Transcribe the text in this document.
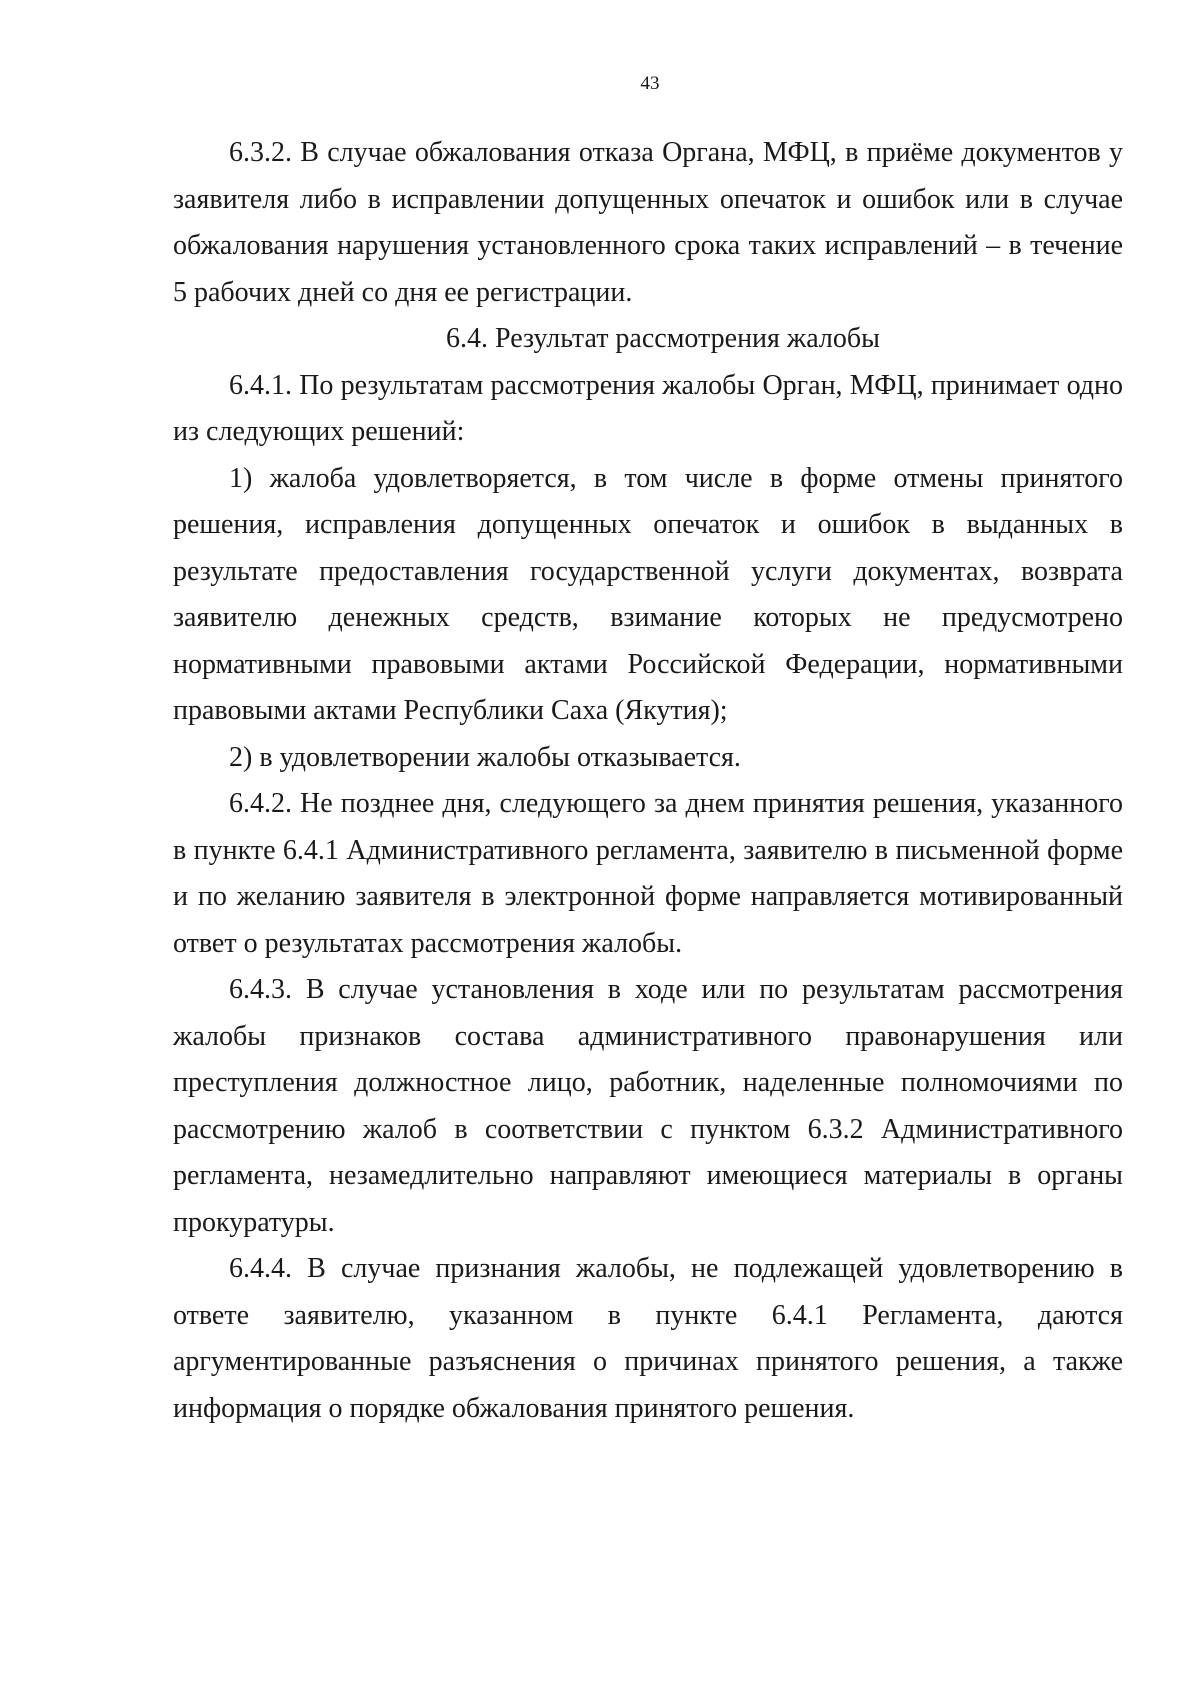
43

6.3.2. В случае обжалования отказа Органа, МФЦ, в приёме документов у заявителя либо в исправлении допущенных опечаток и ошибок или в случае обжалования нарушения установленного срока таких исправлений – в течение 5 рабочих дней со дня ее регистрации.

6.4. Результат рассмотрения жалобы

6.4.1. По результатам рассмотрения жалобы Орган, МФЦ, принимает одно из следующих решений:

1) жалоба удовлетворяется, в том числе в форме отмены принятого решения, исправления допущенных опечаток и ошибок в выданных в результате предоставления государственной услуги документах, возврата заявителю денежных средств, взимание которых не предусмотрено нормативными правовыми актами Российской Федерации, нормативными правовыми актами Республики Саха (Якутия);

2) в удовлетворении жалобы отказывается.

6.4.2. Не позднее дня, следующего за днем принятия решения, указанного в пункте 6.4.1 Административного регламента, заявителю в письменной форме и по желанию заявителя в электронной форме направляется мотивированный ответ о результатах рассмотрения жалобы.

6.4.3. В случае установления в ходе или по результатам рассмотрения жалобы признаков состава административного правонарушения или преступления должностное лицо, работник, наделенные полномочиями по рассмотрению жалоб в соответствии с пунктом 6.3.2 Административного регламента, незамедлительно направляют имеющиеся материалы в органы прокуратуры.

6.4.4. В случае признания жалобы, не подлежащей удовлетворению в ответе заявителю, указанном в пункте 6.4.1 Регламента, даются аргументированные разъяснения о причинах принятого решения, а также информация о порядке обжалования принятого решения.
